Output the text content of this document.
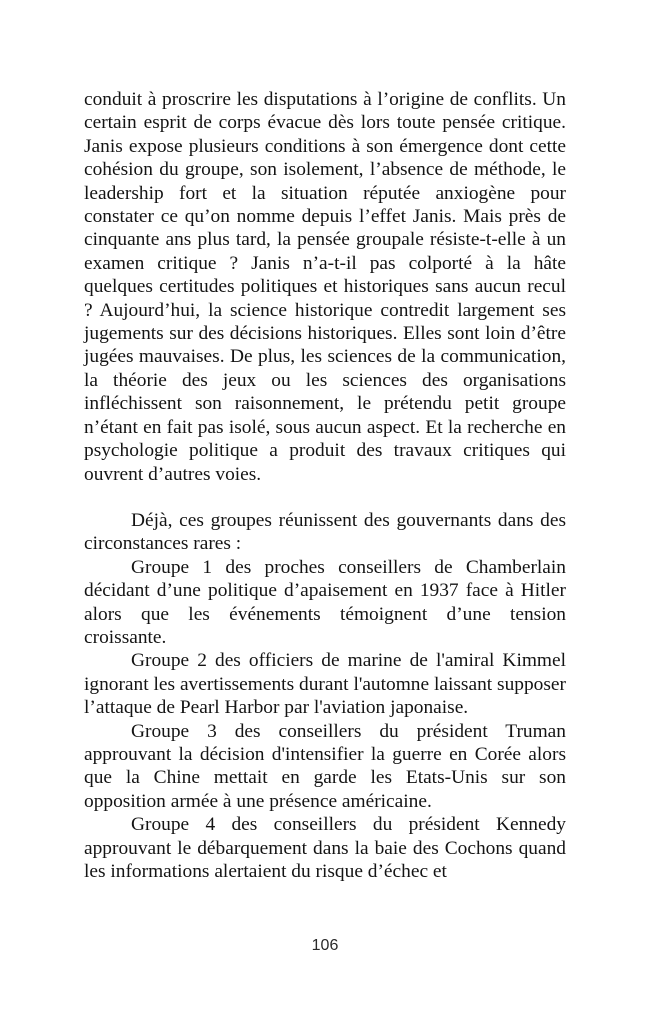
conduit à proscrire les disputations à l’origine de conflits. Un certain esprit de corps évacue dès lors toute pensée critique. Janis expose plusieurs conditions à son émergence dont cette cohésion du groupe, son isolement, l’absence de méthode, le leadership fort et la situation réputée anxiogène pour constater ce qu’on nomme depuis l’effet Janis. Mais près de cinquante ans plus tard, la pensée groupale résiste-t-elle à un examen critique ? Janis n’a-t-il pas colporté à la hâte quelques certitudes politiques et historiques sans aucun recul ? Aujourd’hui, la science historique contredit largement ses jugements sur des décisions historiques. Elles sont loin d’être jugées mauvaises. De plus, les sciences de la communication, la théorie des jeux ou les sciences des organisations infléchissent son raisonnement, le prétendu petit groupe n’étant en fait pas isolé, sous aucun aspect. Et la recherche en psychologie politique a produit des travaux critiques qui ouvrent d’autres voies.

Déjà, ces groupes réunissent des gouvernants dans des circonstances rares :

Groupe 1 des proches conseillers de Chamberlain décidant d’une politique d’apaisement en 1937 face à Hitler alors que les événements témoignent d’une tension croissante.

Groupe 2 des officiers de marine de l'amiral Kimmel ignorant les avertissements durant l'automne laissant supposer l’attaque de Pearl Harbor par l'aviation japonaise.

Groupe 3 des conseillers du président Truman approuvant la décision d'intensifier la guerre en Corée alors que la Chine mettait en garde les Etats-Unis sur son opposition armée à une présence américaine.

Groupe 4 des conseillers du président Kennedy approuvant le débarquement dans la baie des Cochons quand les informations alertaient du risque d’échec et

106
